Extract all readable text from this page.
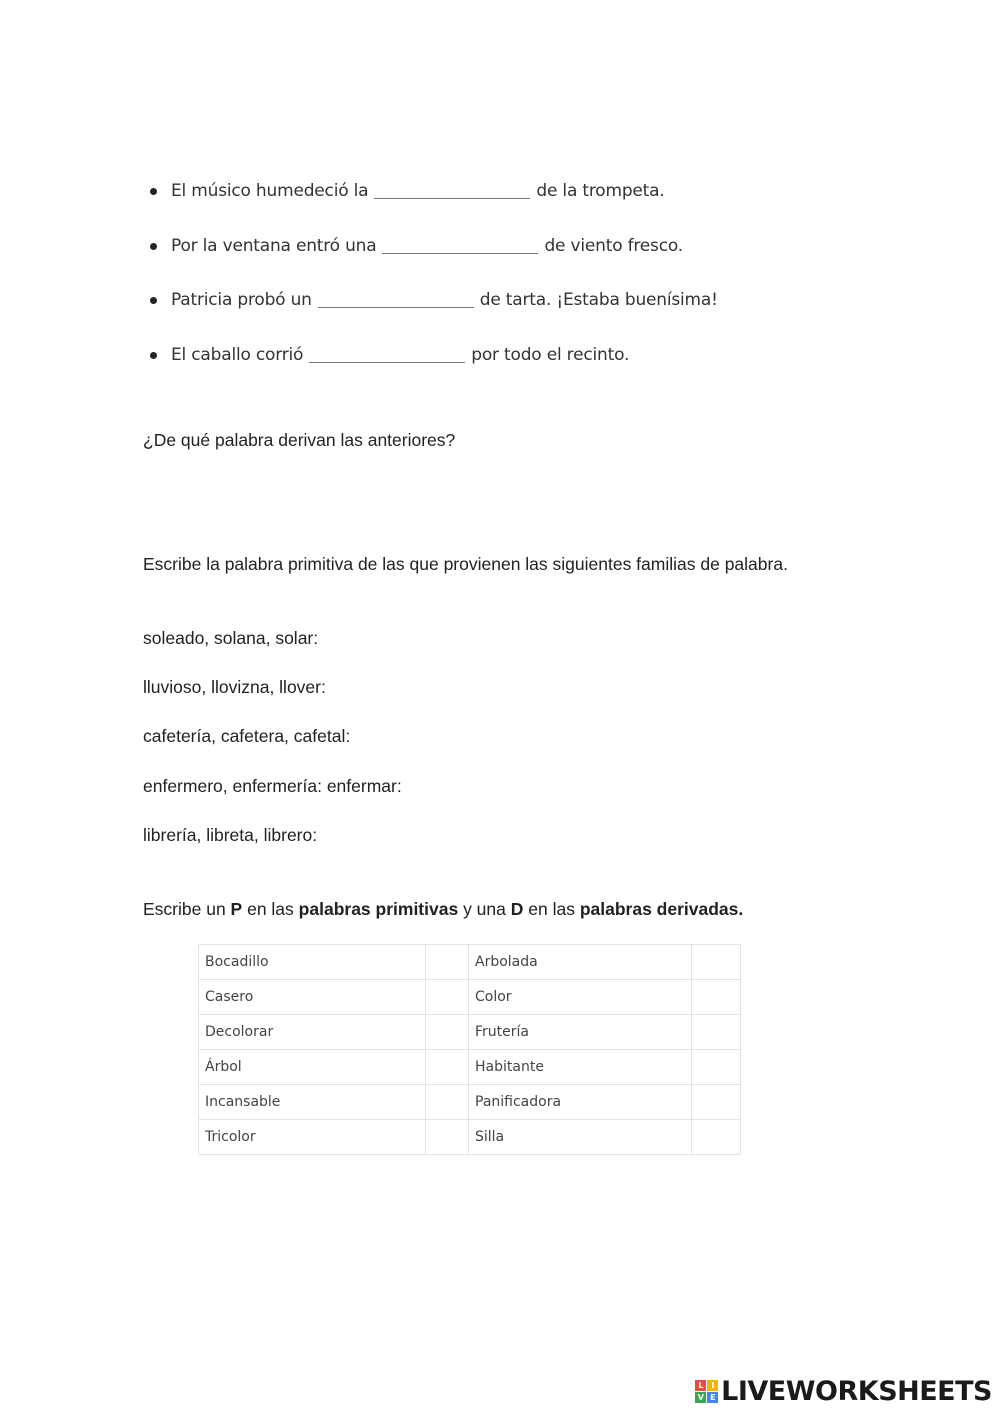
El músico humedeció la	de la trompeta.
Por la ventana entró una	de viento fresco.
Patricia probó un	de tarta. ¡Estaba buenísima!
El caballo corrió	por todo el recinto.
¿De qué palabra derivan las anteriores?
Escribe la palabra primitiva de las que provienen las siguientes familias de palabra.
soleado, solana, solar:
lluvioso, llovizna, llover:
cafetería, cafetera, cafetal:
enfermero, enfermería: enfermar:
librería, libreta, librero:
Escribe un P en las palabras primitivas y una D en las palabras derivadas.
Bocadillo		Arbolada	
Casero		Color	
Decolorar		Frutería	
Árbol		Habitante	
Incansable		Panificadora	
Tricolor		Silla	
L	I
V E LIVEWORKSHEETS
